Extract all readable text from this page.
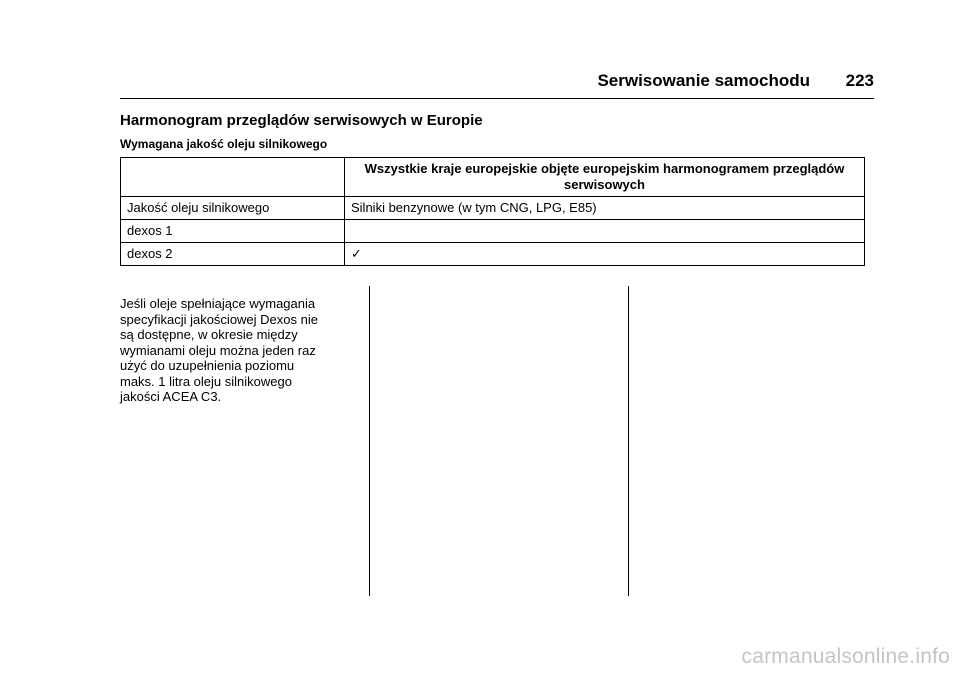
Serwisowanie samochodu	223
Harmonogram przeglądów serwisowych w Europie
Wymagana jakość oleju silnikowego
	Wszystkie kraje europejskie objęte europejskim harmonogramem przeglądów serwisowych
Jakość oleju silnikowego	Silniki benzynowe (w tym CNG, LPG, E85)
dexos 1	
dexos 2	✓
Jeśli oleje spełniające wymagania
specyfikacji jakościowej Dexos nie
są dostępne, w okresie między
wymianami oleju można jeden raz
użyć do uzupełnienia poziomu
maks. 1 litra oleju silnikowego
jakości ACEA C3.
carmanualsonline.info
